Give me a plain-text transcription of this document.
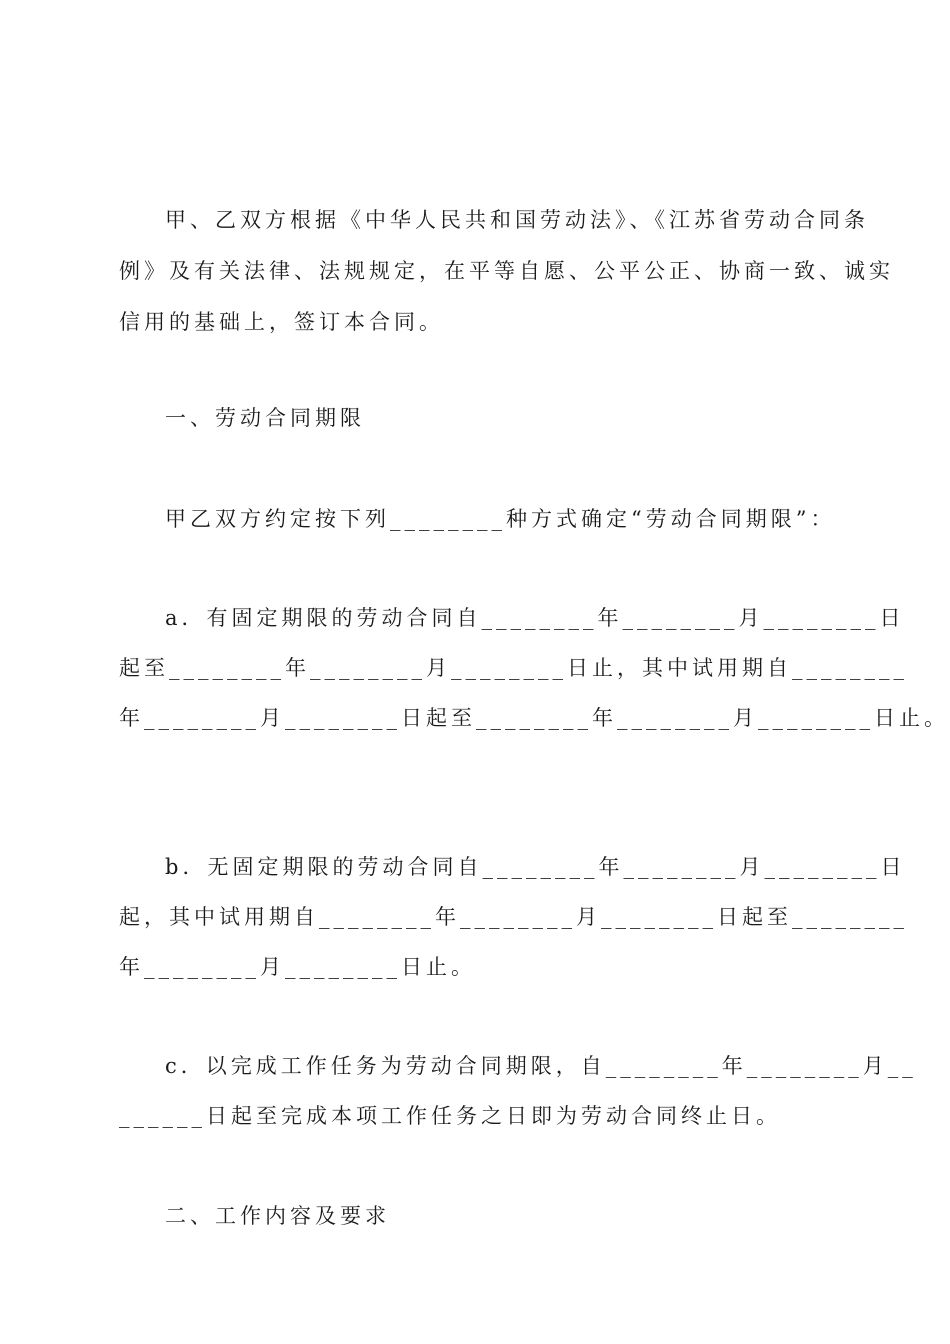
甲、乙双方根据《中华人民共和国劳动法》、《江苏省劳动合同条
例》及有关法律、法规规定，在平等自愿、公平公正、协商一致、诚实
信用的基础上，签订本合同。
一、劳动合同期限
甲乙双方约定按下列________种方式确定“劳动合同期限”：
a．有固定期限的劳动合同自________年________月________日
起至________年________月________日止，其中试用期自________
年________月________日起至________年________月________日止。
b．无固定期限的劳动合同自________年________月________日
起，其中试用期自________年________月________日起至________
年________月________日止。
c．以完成工作任务为劳动合同期限，自________年________月__
______日起至完成本项工作任务之日即为劳动合同终止日。
二、工作内容及要求
